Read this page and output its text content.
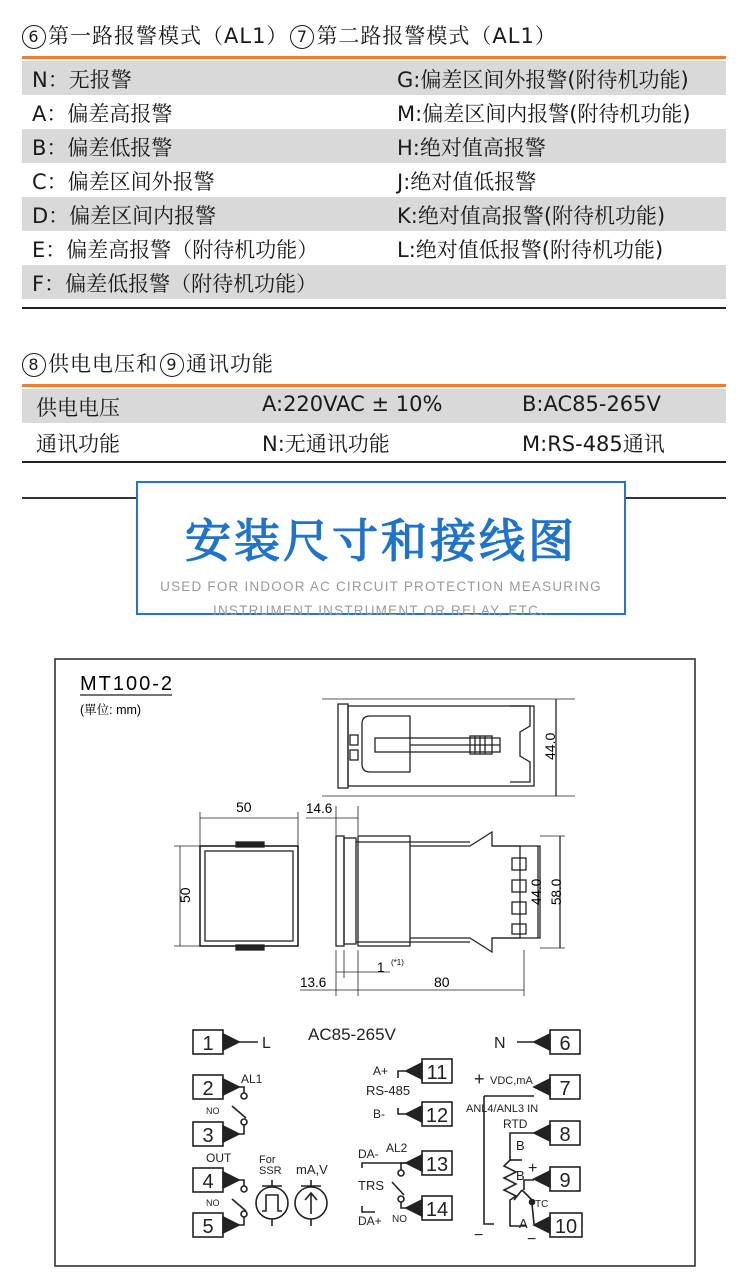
6 第一路报警模式（AL1） 7 第二路报警模式（AL1）
N：无报警	G:偏差区间外报警(附待机功能)
A：偏差高报警	M:偏差区间内报警(附待机功能)
B：偏差低报警	H:绝对值高报警
C：偏差区间外报警	J:绝对值低报警
D：偏差区间内报警	K:绝对值高报警(附待机功能)
E：偏差高报警（附待机功能）	L:绝对值低报警(附待机功能)
F：偏差低报警（附待机功能）
8 供电电压和 9 通讯功能
供电电压	A:220VAC ± 10%	B:AC85-265V
通讯功能	N:无通讯功能	M:RS-485通讯
安装尺寸和接线图
USED FOR INDOOR AC CIRCUIT PROTECTION MEASURING
INSTRUMENT INSTRUMENT OR RELAY, ETC..
MT100-2
(單位: mm)
44.0
50
50
14.6
1 (*1)
13.6	80
44.0 58.0
1
2
3
4
5
L AC85-265V
AL1
NO
OUT
NO
For
SSR mA,V
11
12
13
14
A+
RS-485
B-
DA- AL2
TRS
DA+ NO
6
7
8
9
10
N
+ VDC,mA
ANL4/ANL3 IN
RTD
B
B +
TC
A
−	−
